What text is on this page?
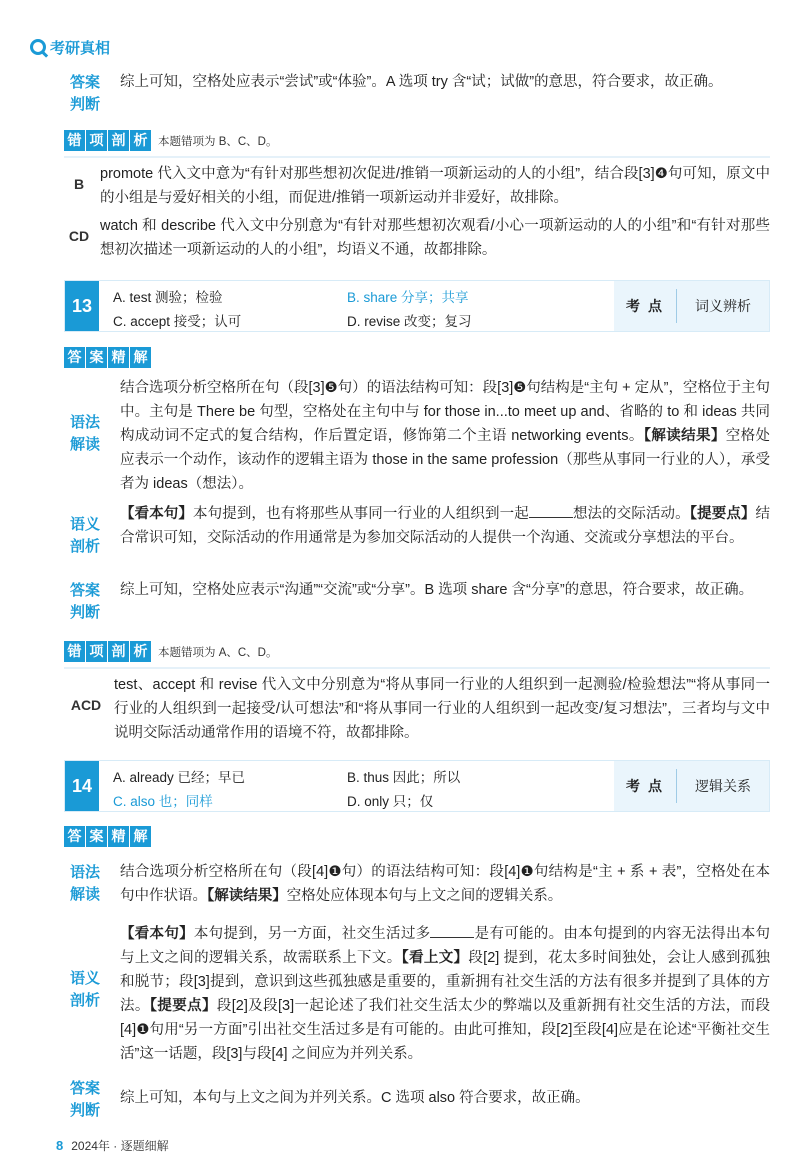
考研真相
答案
判断
综上可知，空格处应表示“尝试”或“体验”。A 选项 try 含“试；试做”的意思，符合要求，故正确。
错 项 剖 析 本题错项为 B、C、D。
B
promote 代入文中意为“有针对那些想初次促进/推销一项新运动的人的小组”，结合段[3]❹句可知，原文中的小组是与爱好相关的小组，而促进/推销一项新运动并非爱好，故排除。
CD
watch 和 describe 代入文中分别意为“有针对那些想初次观看/小心一项新运动的人的小组”和“有针对那些想初次描述一项新运动的人的小组”，均语义不通，故都排除。
13	A. test 测验；检验	B. share 分享；共享
C. accept 接受；认可	D. revise 改变；复习
考点	词义辨析
答 案 精 解
语法
解读
结合选项分析空格所在句（段[3]❺句）的语法结构可知：段[3]❺句结构是“主句 + 定从”，空格位于主句中。主句是 There be 句型，空格处在主句中与 for those in...to meet up and、省略的 to 和 ideas 共同构成动词不定式的复合结构，作后置定语，修饰第二个主语 networking events。【解读结果】空格处应表示一个动作，该动作的逻辑主语为 those in the same profession（那些从事同一行业的人），承受者为 ideas（想法）。
语义
剖析
【看本句】本句提到，也有将那些从事同一行业的人组织到一起	想法的交际活动。【提要点】结合常识可知，交际活动的作用通常是为参加交际活动的人提供一个沟通、交流或分享想法的平台。
答案
判断
综上可知，空格处应表示“沟通”“交流”或“分享”。B 选项 share 含“分享”的意思，符合要求，故正确。
错 项 剖 析 本题错项为 A、C、D。
ACD
test、accept 和 revise 代入文中分别意为“将从事同一行业的人组织到一起测验/检验想法”“将从事同一行业的人组织到一起接受/认可想法”和“将从事同一行业的人组织到一起改变/复习想法”，三者均与文中说明交际活动通常作用的语境不符，故都排除。
14	A. already 已经；早已	B. thus 因此；所以
C. also 也；同样	D. only 只；仅
考点	逻辑关系
答 案 精 解
语法
解读
结合选项分析空格所在句（段[4]❶句）的语法结构可知：段[4]❶句结构是“主 + 系 + 表”，空格处在本句中作状语。【解读结果】空格处应体现本句与上文之间的逻辑关系。
语义
剖析
【看本句】本句提到，另一方面，社交生活过多	是有可能的。由本句提到的内容无法得出本句与上文之间的逻辑关系，故需联系上下文。【看上文】段[2] 提到，花太多时间独处，会让人感到孤独和脱节；段[3]提到，意识到这些孤独感是重要的，重新拥有社交生活的方法有很多并提到了具体的方法。【提要点】段[2]及段[3]一起论述了我们社交生活太少的弊端以及重新拥有社交生活的方法，而段[4]❶句用“另一方面”引出社交生活过多是有可能的。由此可推知，段[2]至段[4]应是在论述“平衡社交生活”这一话题，段[3]与段[4] 之间应为并列关系。
答案
判断
综上可知，本句与上文之间为并列关系。C 选项 also 符合要求，故正确。
8 2024年 · 逐题细解
